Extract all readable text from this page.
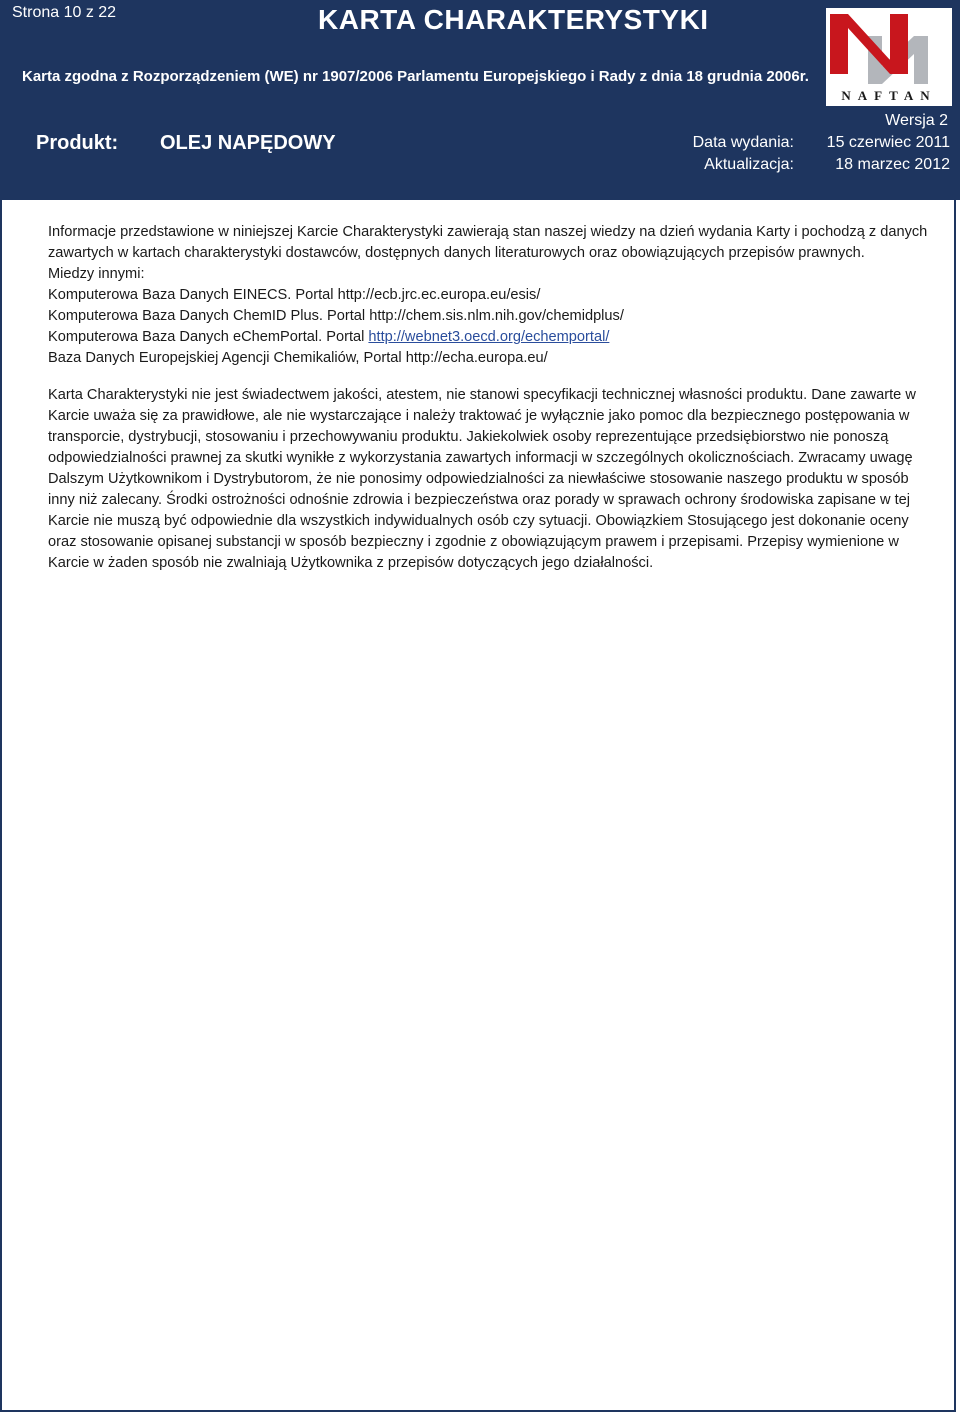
Strona 10 z 22	KARTA CHARAKTERYSTYKI
Karta zgodna z Rozporządzeniem (WE) nr 1907/2006 Parlamentu Europejskiego i Rady z dnia 18 grudnia 2006r.
Produkt: OLEJ NAPĘDOWY
Wersja 2
Data wydania:	15 czerwiec 2011
Aktualizacja:	18 marzec 2012
NAFTAN

Informacje przedstawione w niniejszej Karcie Charakterystyki zawierają stan naszej wiedzy na dzień wydania Karty i pochodzą z danych zawartych w kartach charakterystyki dostawców, dostępnych danych literaturowych oraz obowiązujących przepisów prawnych.

Miedzy innymi:

Komputerowa Baza Danych EINECS. Portal http://ecb.jrc.ec.europa.eu/esis/

Komputerowa Baza Danych ChemID Plus. Portal http://chem.sis.nlm.nih.gov/chemidplus/

Komputerowa Baza Danych eChemPortal. Portal http://webnet3.oecd.org/echemportal/

Baza Danych Europejskiej Agencji Chemikaliów, Portal http://echa.europa.eu/

Karta Charakterystyki nie jest świadectwem jakości, atestem, nie stanowi specyfikacji technicznej własności produktu. Dane zawarte w Karcie uważa się za prawidłowe, ale nie wystarczające i należy traktować je wyłącznie jako pomoc dla bezpiecznego postępowania w transporcie, dystrybucji, stosowaniu i przechowywaniu produktu. Jakiekolwiek osoby reprezentujące przedsiębiorstwo nie ponoszą odpowiedzialności prawnej za skutki wynikłe z wykorzystania zawartych informacji w szczególnych okolicznościach. Zwracamy uwagę Dalszym Użytkownikom i Dystrybutorom, że nie ponosimy odpowiedzialności za niewłaściwe stosowanie naszego produktu w sposób inny niż zalecany. Środki ostrożności odnośnie zdrowia i bezpieczeństwa oraz porady w sprawach ochrony środowiska zapisane w tej Karcie nie muszą być odpowiednie dla wszystkich indywidualnych osób czy sytuacji. Obowiązkiem Stosującego jest dokonanie oceny oraz stosowanie opisanej substancji w sposób bezpieczny i zgodnie z obowiązującym prawem i przepisami. Przepisy wymienione w Karcie w żaden sposób nie zwalniają Użytkownika z przepisów dotyczących jego działalności.
